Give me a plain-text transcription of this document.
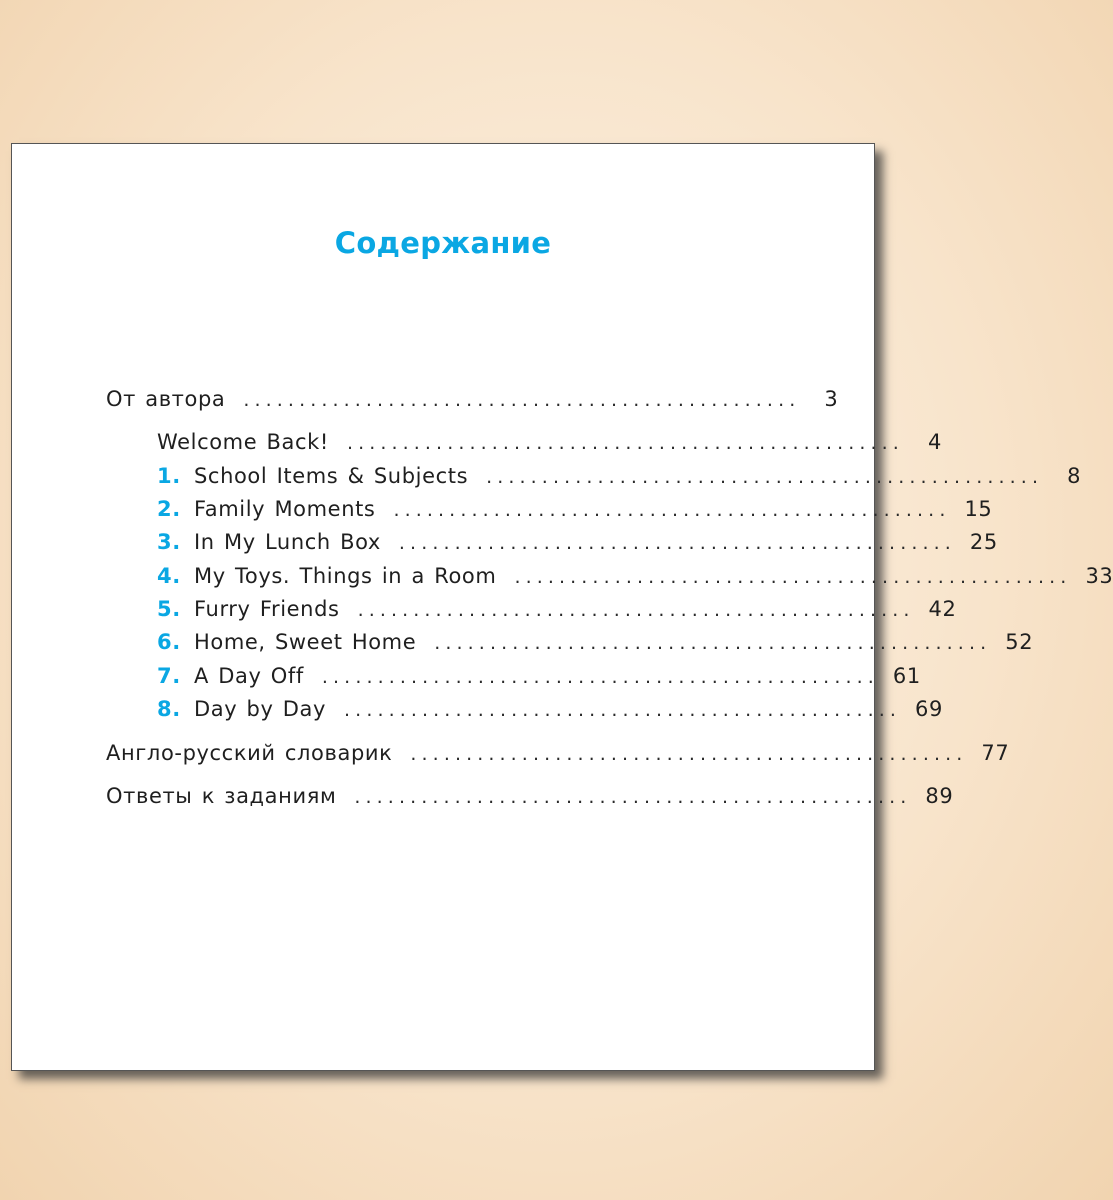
Содержание
От автора ..................................................	3
Welcome Back! ..................................................	4
1. School Items & Subjects ..................................................	8
2. Family Moments .................................................. 15
3. In My Lunch Box .................................................. 25
4. My Toys. Things in a Room .................................................. 33
5. Furry Friends .................................................. 42
6. Home, Sweet Home .................................................. 52
7. A Day Off .................................................. 61
8. Day by Day .................................................. 69
Англо-русский словарик .................................................. 77
Ответы к заданиям .................................................. 89
